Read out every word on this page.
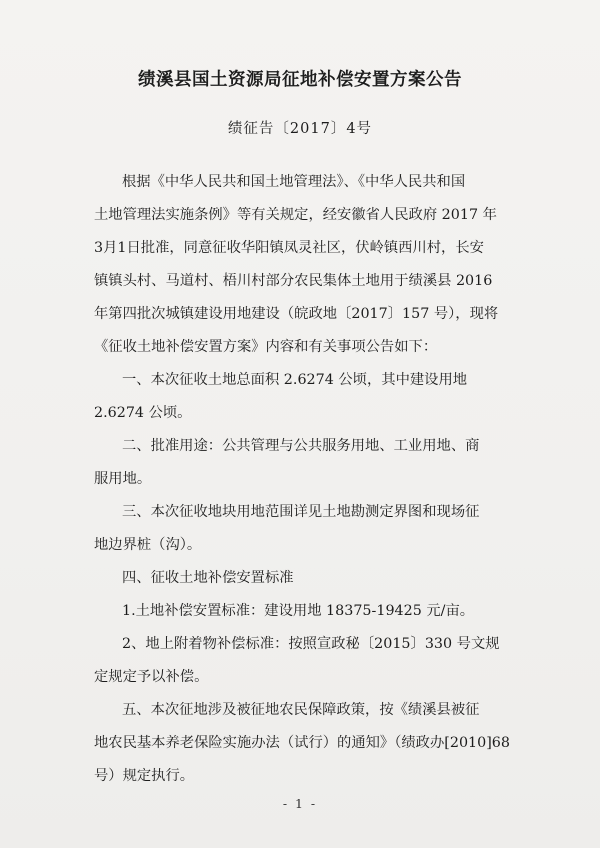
绩溪县国土资源局征地补偿安置方案公告
绩征告〔2017〕4号
根据《中华人民共和国土地管理法》、《中华人民共和国
土地管理法实施条例》等有关规定，经安徽省人民政府 2017 年
3月1日批准，同意征收华阳镇凤灵社区，伏岭镇西川村，长安
镇镇头村、马道村、梧川村部分农民集体土地用于绩溪县 2016
年第四批次城镇建设用地建设（皖政地〔2017〕157 号），现将
《征收土地补偿安置方案》内容和有关事项公告如下：
一、本次征收土地总面积 2.6274 公顷，其中建设用地
2.6274 公顷。
二、批准用途：公共管理与公共服务用地、工业用地、商
服用地。
三、本次征收地块用地范围详见土地勘测定界图和现场征
地边界桩（沟）。
四、征收土地补偿安置标准
1.土地补偿安置标准：建设用地 18375-19425 元/亩。
2、地上附着物补偿标准：按照宣政秘〔2015〕330 号文规
定规定予以补偿。
五、本次征地涉及被征地农民保障政策，按《绩溪县被征
地农民基本养老保险实施办法（试行）的通知》（绩政办[2010]68
号）规定执行。
- 1 -
